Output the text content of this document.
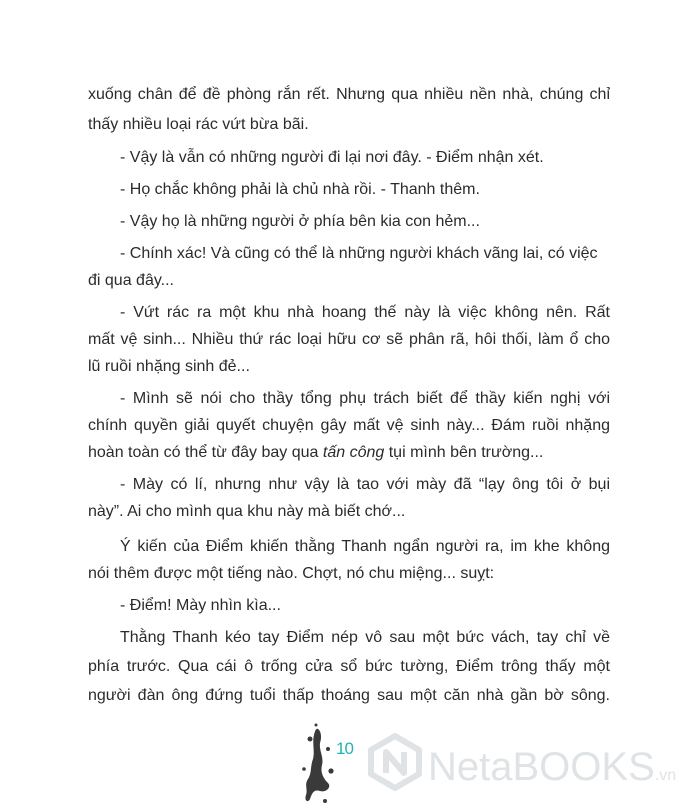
xuống chân để đề phòng rắn rết. Nhưng qua nhiều nền nhà, chúng chỉ
thấy nhiều loại rác vứt bừa bãi.
- Vậy là vẫn có những người đi lại nơi đây. - Điểm nhận xét.
- Họ chắc không phải là chủ nhà rồi. - Thanh thêm.
- Vậy họ là những người ở phía bên kia con hẻm...
- Chính xác! Và cũng có thể là những người khách vãng lai, có việc
đi qua đây...
- Vứt rác ra một khu nhà hoang thế này là việc không nên. Rất
mất vệ sinh... Nhiều thứ rác loại hữu cơ sẽ phân rã, hôi thối, làm ổ cho
lũ ruồi nhặng sinh đẻ...
- Mình sẽ nói cho thầy tổng phụ trách biết để thầy kiến nghị với
chính quyền giải quyết chuyện gây mất vệ sinh này... Đám ruồi nhặng
hoàn toàn có thể từ đây bay qua tấn công tụi mình bên trường...
- Mày có lí, nhưng như vậy là tao với mày đã “lạy ông tôi ở bụi
này”. Ai cho mình qua khu này mà biết chớ...
Ý kiến của Điểm khiến thằng Thanh ngẩn người ra, im khe không
nói thêm được một tiếng nào. Chợt, nó chu miệng... suỵt:
- Điểm! Mày nhìn kìa...
Thằng Thanh kéo tay Điểm nép vô sau một bức vách, tay chỉ về
phía trước. Qua cái ô trống cửa sổ bức tường, Điểm trông thấy một
người đàn ông đứng tuổi thấp thoáng sau một căn nhà gần bờ sông.
10 NetaBOOKS.vn
